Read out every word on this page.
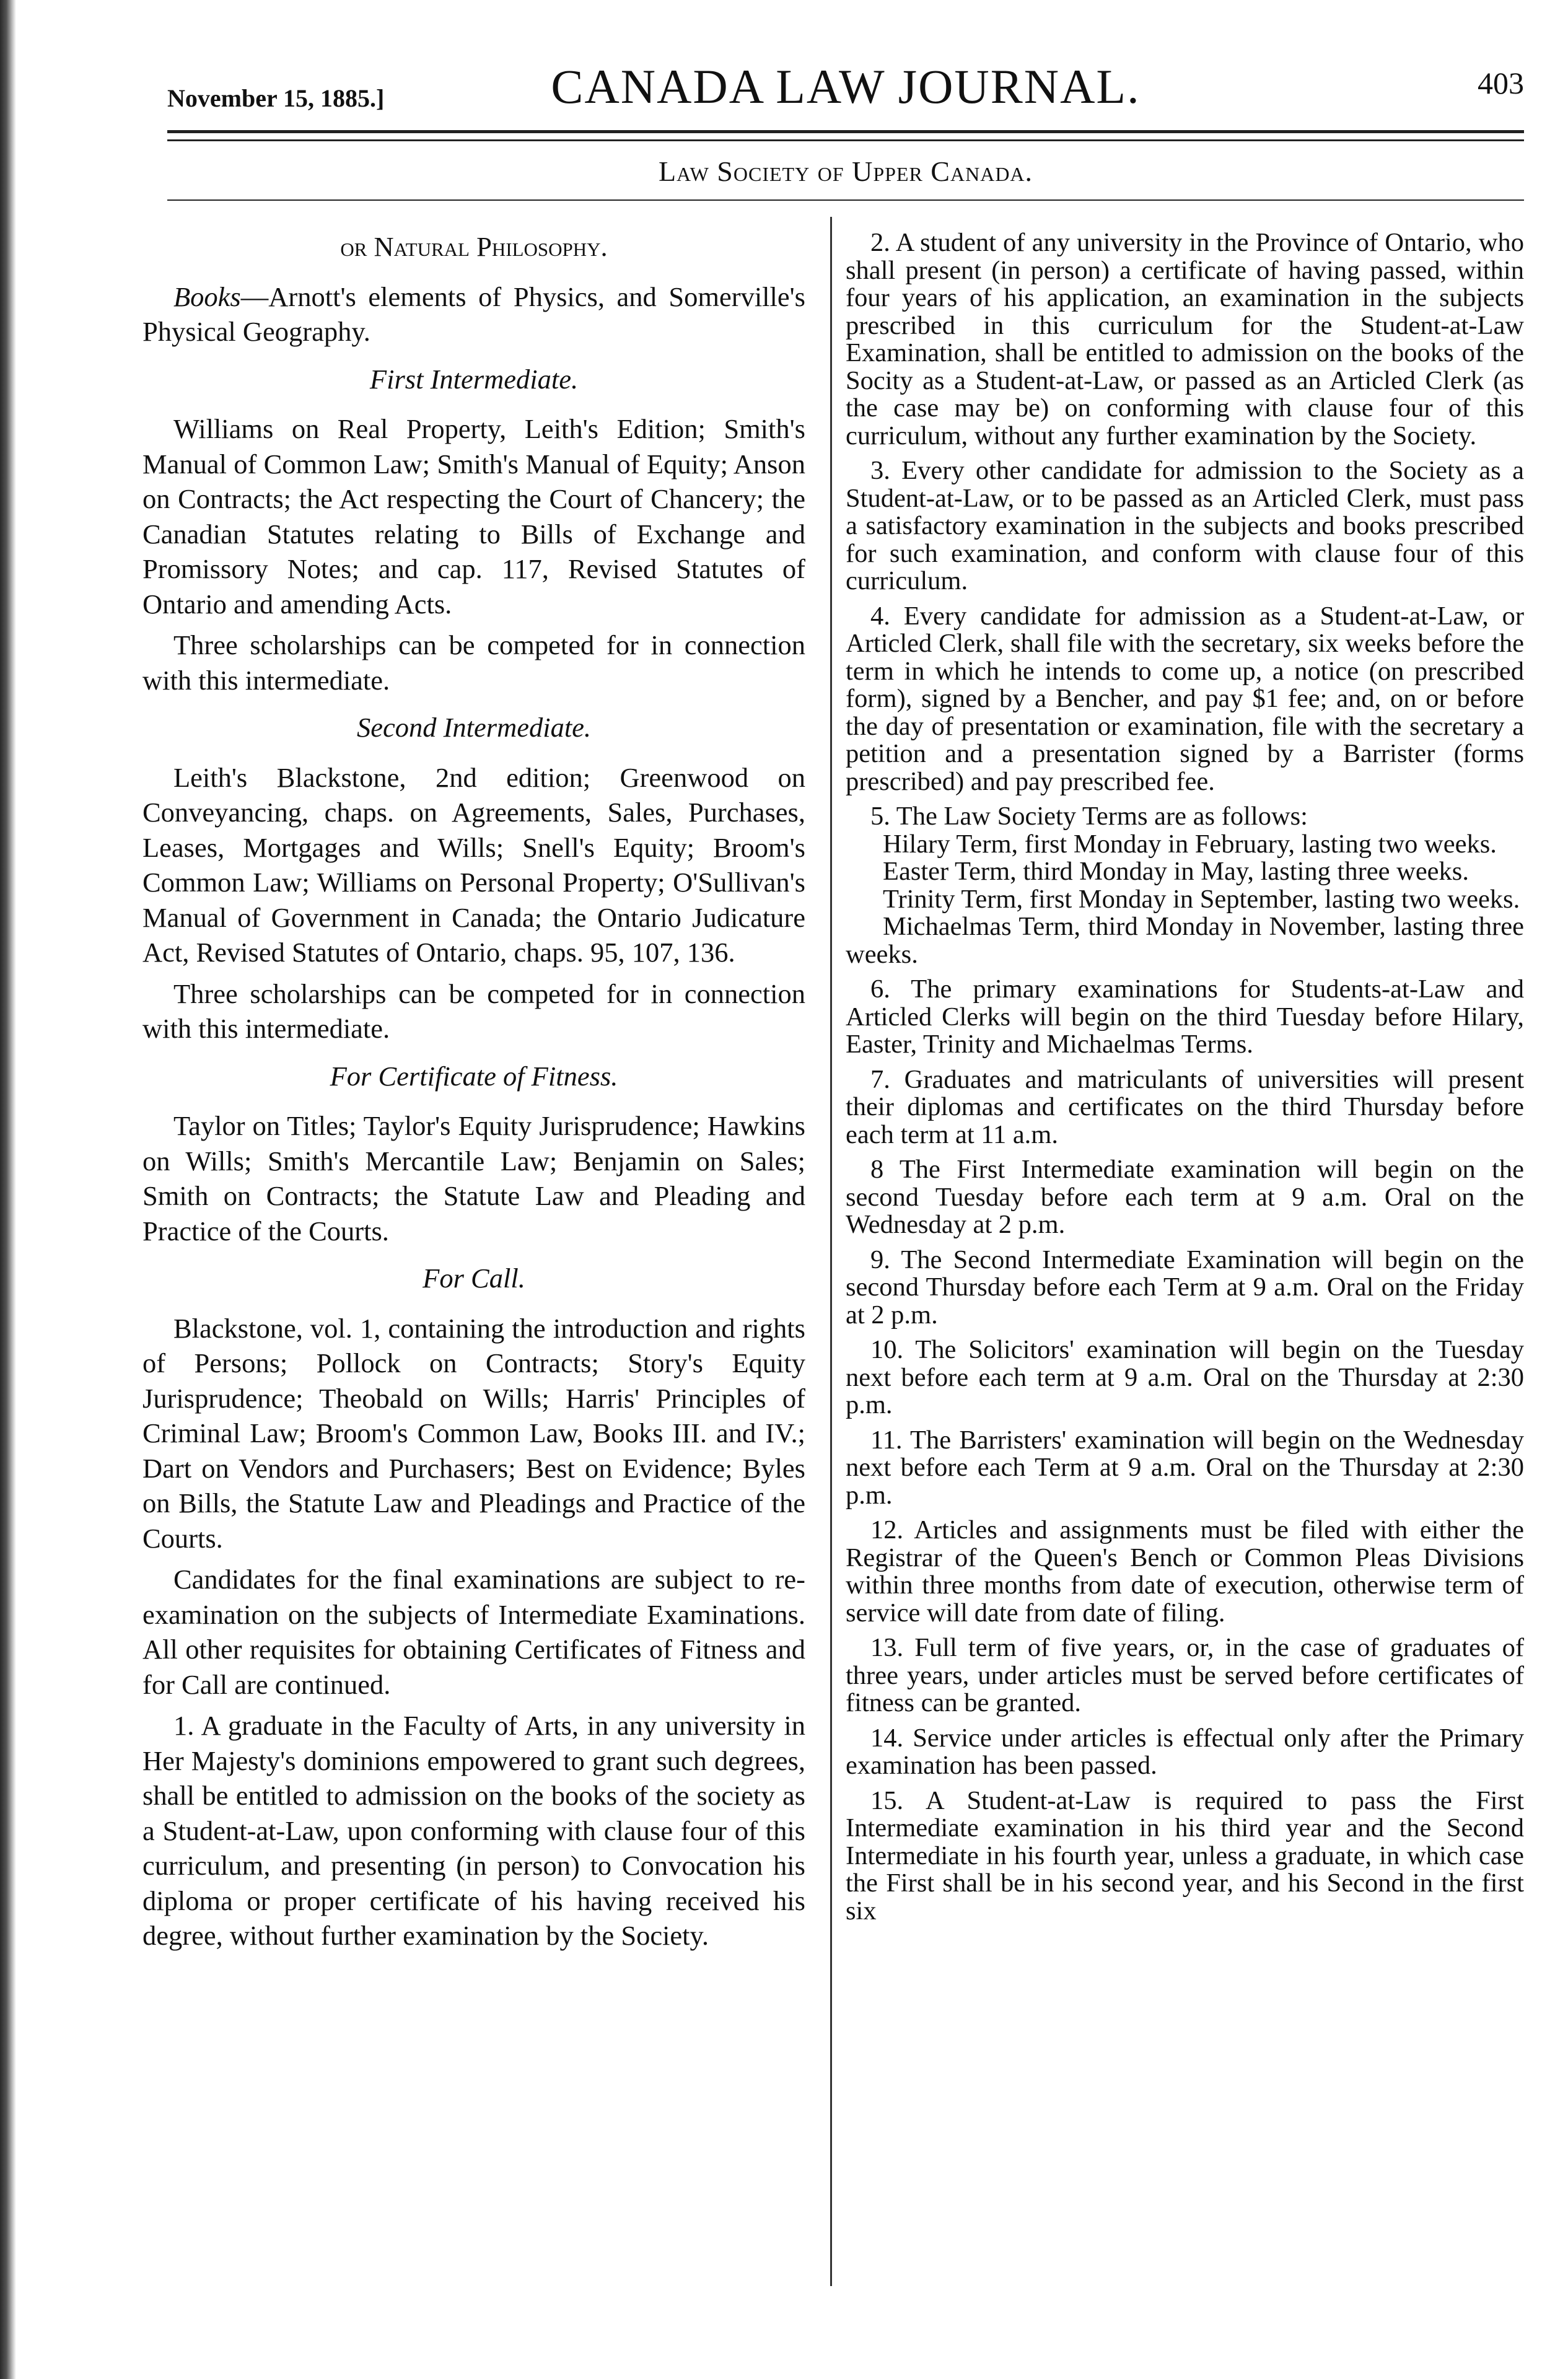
November 15, 1885.]	CANADA LAW JOURNAL.	403
Law Society of Upper Canada.

or Natural Philosophy.

Books—Arnott's elements of Physics, and Somerville's Physical Geography.

First Intermediate.

Williams on Real Property, Leith's Edition; Smith's Manual of Common Law; Smith's Manual of Equity; Anson on Contracts; the Act respecting the Court of Chancery; the Canadian Statutes relating to Bills of Exchange and Promissory Notes; and cap. 117, Revised Statutes of Ontario and amending Acts.

Three scholarships can be competed for in connection with this intermediate.

Second Intermediate.

Leith's Blackstone, 2nd edition; Greenwood on Conveyancing, chaps. on Agreements, Sales, Purchases, Leases, Mortgages and Wills; Snell's Equity; Broom's Common Law; Williams on Personal Property; O'Sullivan's Manual of Government in Canada; the Ontario Judicature Act, Revised Statutes of Ontario, chaps. 95, 107, 136.

Three scholarships can be competed for in connection with this intermediate.

For Certificate of Fitness.

Taylor on Titles; Taylor's Equity Jurisprudence; Hawkins on Wills; Smith's Mercantile Law; Benjamin on Sales; Smith on Contracts; the Statute Law and Pleading and Practice of the Courts.

For Call.

Blackstone, vol. 1, containing the introduction and rights of Persons; Pollock on Contracts; Story's Equity Jurisprudence; Theobald on Wills; Harris' Principles of Criminal Law; Broom's Common Law, Books III. and IV.; Dart on Vendors and Purchasers; Best on Evidence; Byles on Bills, the Statute Law and Pleadings and Practice of the Courts.

Candidates for the final examinations are subject to re-examination on the subjects of Intermediate Examinations. All other requisites for obtaining Certificates of Fitness and for Call are continued.

1. A graduate in the Faculty of Arts, in any university in Her Majesty's dominions empowered to grant such degrees, shall be entitled to admission on the books of the society as a Student-at-Law, upon conforming with clause four of this curriculum, and presenting (in person) to Convocation his diploma or proper certificate of his having received his degree, without further examination by the Society.

2. A student of any university in the Province of Ontario, who shall present (in person) a certificate of having passed, within four years of his application, an examination in the subjects prescribed in this curriculum for the Student-at-Law Examination, shall be entitled to admission on the books of the Socity as a Student-at-Law, or passed as an Articled Clerk (as the case may be) on conforming with clause four of this curriculum, without any further examination by the Society.

3. Every other candidate for admission to the Society as a Student-at-Law, or to be passed as an Articled Clerk, must pass a satisfactory examination in the subjects and books prescribed for such examination, and conform with clause four of this curriculum.

4. Every candidate for admission as a Student-at-Law, or Articled Clerk, shall file with the secretary, six weeks before the term in which he intends to come up, a notice (on prescribed form), signed by a Bencher, and pay $1 fee; and, on or before the day of presentation or examination, file with the secretary a petition and a presentation signed by a Barrister (forms prescribed) and pay prescribed fee.

5. The Law Society Terms are as follows:

Hilary Term, first Monday in February, lasting two weeks.

Easter Term, third Monday in May, lasting three weeks.

Trinity Term, first Monday in September, lasting two weeks.

Michaelmas Term, third Monday in November, lasting three weeks.

6. The primary examinations for Students-at-Law and Articled Clerks will begin on the third Tuesday before Hilary, Easter, Trinity and Michaelmas Terms.

7. Graduates and matriculants of universities will present their diplomas and certificates on the third Thursday before each term at 11 a.m.

8 The First Intermediate examination will begin on the second Tuesday before each term at 9 a.m. Oral on the Wednesday at 2 p.m.

9. The Second Intermediate Examination will begin on the second Thursday before each Term at 9 a.m. Oral on the Friday at 2 p.m.

10. The Solicitors' examination will begin on the Tuesday next before each term at 9 a.m. Oral on the Thursday at 2:30 p.m.

11. The Barristers' examination will begin on the Wednesday next before each Term at 9 a.m. Oral on the Thursday at 2:30 p.m.

12. Articles and assignments must be filed with either the Registrar of the Queen's Bench or Common Pleas Divisions within three months from date of execution, otherwise term of service will date from date of filing.

13. Full term of five years, or, in the case of graduates of three years, under articles must be served before certificates of fitness can be granted.

14. Service under articles is effectual only after the Primary examination has been passed.

15. A Student-at-Law is required to pass the First Intermediate examination in his third year and the Second Intermediate in his fourth year, unless a graduate, in which case the First shall be in his second year, and his Second in the first six
